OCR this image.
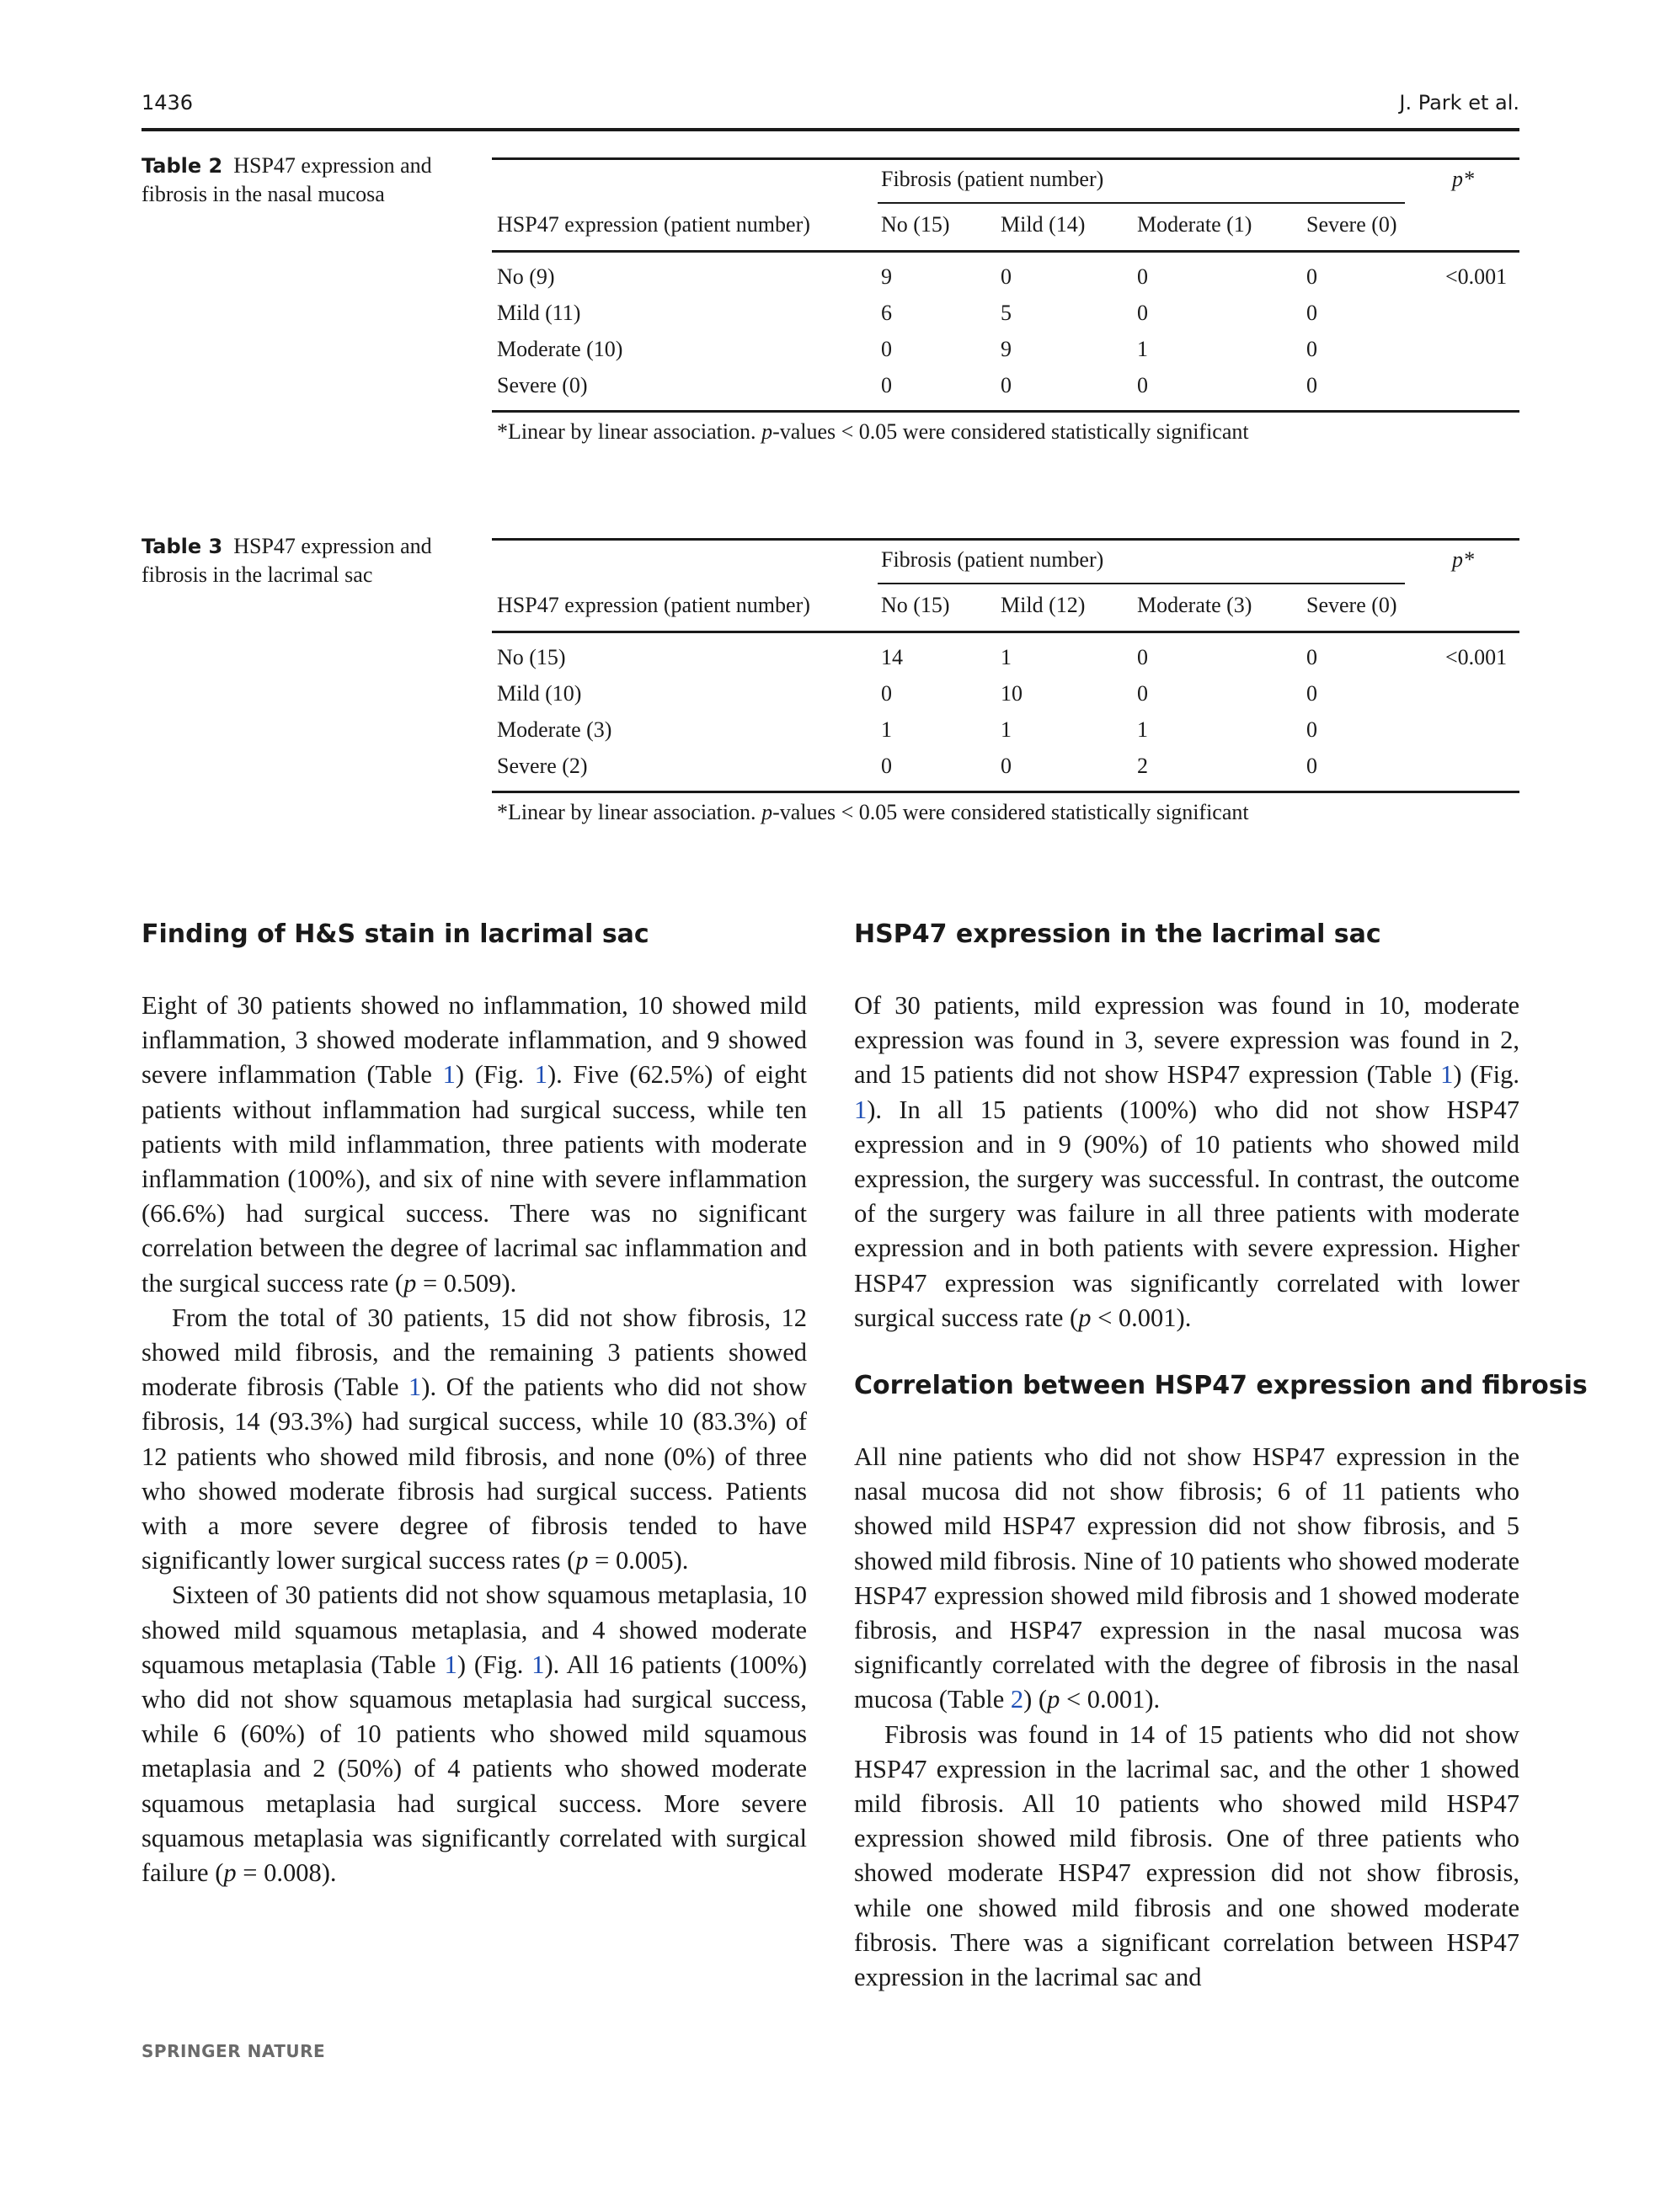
1436	J. Park et al.
Table 2 HSP47 expression and fibrosis in the nasal mucosa
Fibrosis (patient number)	p*
HSP47 expression (patient number)	No (15) Mild (14) Moderate (1) Severe (0)
No (9)	9	0	0	0	<0.001
Mild (11)	6	5	0	0
Moderate (10)	0	9	1	0
Severe (0)	0	0	0	0
*Linear by linear association. p-values < 0.05 were considered statistically significant
Table 3 HSP47 expression and fibrosis in the lacrimal sac
Fibrosis (patient number)	p*
HSP47 expression (patient number)	No (15) Mild (12) Moderate (3) Severe (0)
No (15)	14	1	0	0	<0.001
Mild (10)	0	10	0	0
Moderate (3)	1	1	1	0
Severe (2)	0	0	2	0
*Linear by linear association. p-values < 0.05 were considered statistically significant
Finding of H&S stain in lacrimal sac

Eight of 30 patients showed no inflammation, 10 showed mild inflammation, 3 showed moderate inflammation, and 9 showed severe inflammation (Table 1) (Fig. 1). Five (62.5%) of eight patients without inflammation had surgical success, while ten patients with mild inflammation, three patients with moderate inflammation (100%), and six of nine with severe inflammation (66.6%) had surgical success. There was no significant correlation between the degree of lacrimal sac inflammation and the surgical success rate (p = 0.509).

From the total of 30 patients, 15 did not show fibrosis, 12 showed mild fibrosis, and the remaining 3 patients showed moderate fibrosis (Table 1). Of the patients who did not show fibrosis, 14 (93.3%) had surgical success, while 10 (83.3%) of 12 patients who showed mild fibrosis, and none (0%) of three who showed moderate fibrosis had surgical success. Patients with a more severe degree of fibrosis tended to have significantly lower surgical success rates (p = 0.005).

Sixteen of 30 patients did not show squamous metaplasia, 10 showed mild squamous metaplasia, and 4 showed moderate squamous metaplasia (Table 1) (Fig. 1). All 16 patients (100%) who did not show squamous metaplasia had surgical success, while 6 (60%) of 10 patients who showed mild squamous metaplasia and 2 (50%) of 4 patients who showed moderate squamous metaplasia had surgical success. More severe squamous metaplasia was significantly correlated with surgical failure (p = 0.008).

HSP47 expression in the lacrimal sac

Of 30 patients, mild expression was found in 10, moderate expression was found in 3, severe expression was found in 2, and 15 patients did not show HSP47 expression (Table 1) (Fig. 1). In all 15 patients (100%) who did not show HSP47 expression and in 9 (90%) of 10 patients who showed mild expression, the surgery was successful. In contrast, the outcome of the surgery was failure in all three patients with moderate expression and in both patients with severe expression. Higher HSP47 expression was significantly correlated with lower surgical success rate (p < 0.001).

Correlation between HSP47 expression and fibrosis

All nine patients who did not show HSP47 expression in the nasal mucosa did not show fibrosis; 6 of 11 patients who showed mild HSP47 expression did not show fibrosis, and 5 showed mild fibrosis. Nine of 10 patients who showed moderate HSP47 expression showed mild fibrosis and 1 showed moderate fibrosis, and HSP47 expression in the nasal mucosa was significantly correlated with the degree of fibrosis in the nasal mucosa (Table 2) (p < 0.001).

Fibrosis was found in 14 of 15 patients who did not show HSP47 expression in the lacrimal sac, and the other 1 showed mild fibrosis. All 10 patients who showed mild HSP47 expression showed mild fibrosis. One of three patients who showed moderate HSP47 expression did not show fibrosis, while one showed mild fibrosis and one showed moderate fibrosis. There was a significant correlation between HSP47 expression in the lacrimal sac and

SPRINGER NATURE
